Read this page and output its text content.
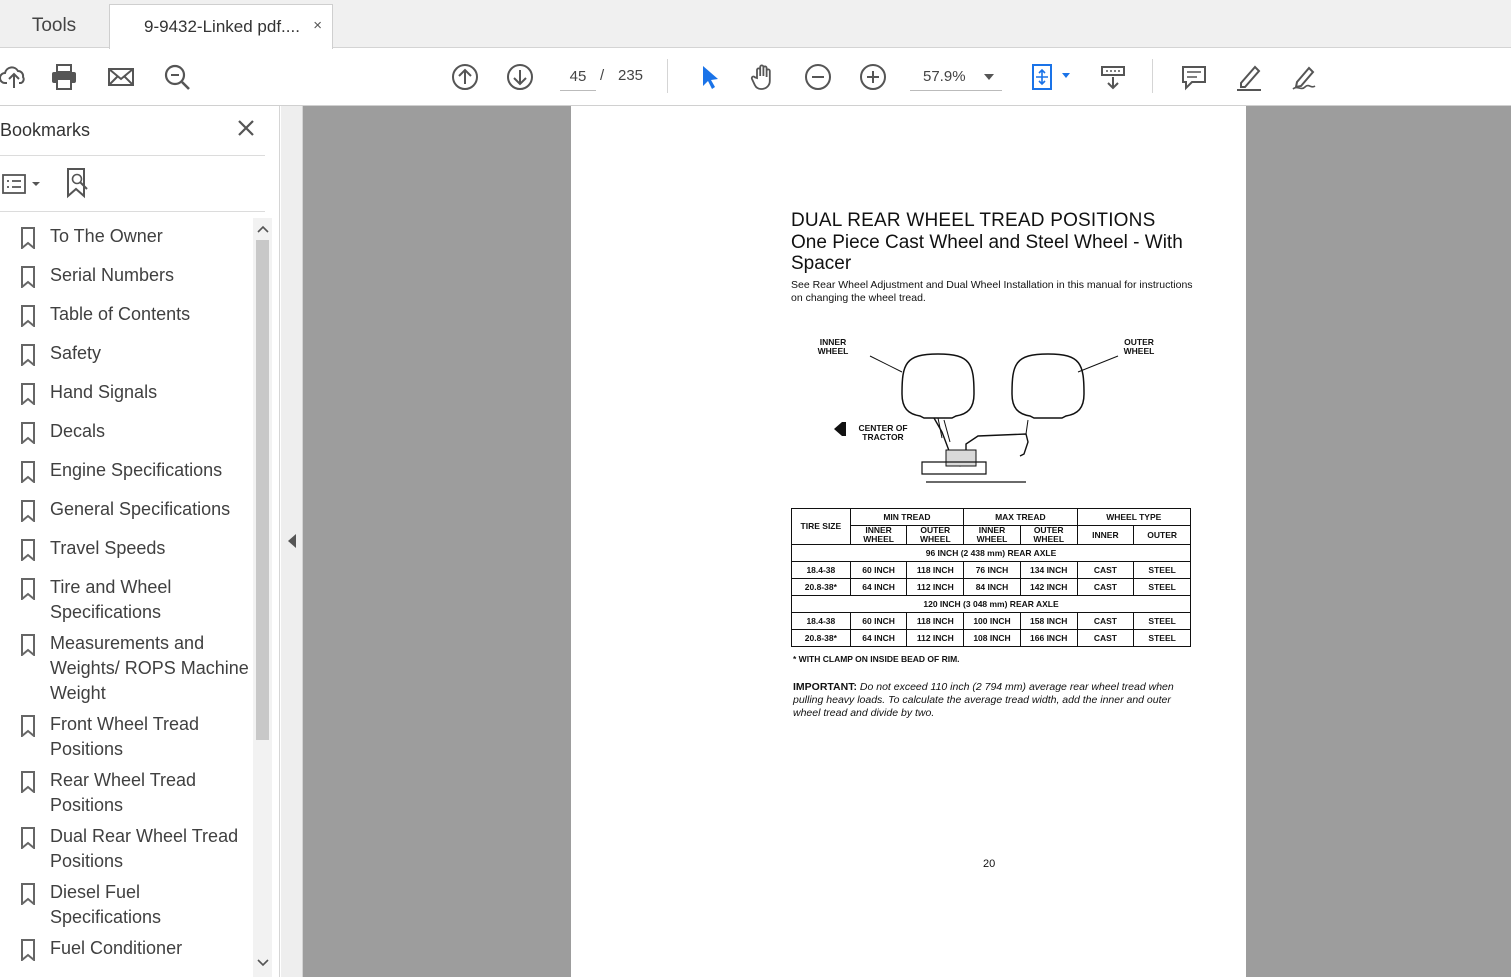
Tools	9-9432-Linked pdf.... ×
45 / 235	57.9%
Bookmarks
To The Owner
Serial Numbers
Table of Contents
Safety
Hand Signals
Decals
Engine Specifications
General Specifications
Travel Speeds
Tire and Wheel Specifications
Measurements and Weights/ ROPS Machine Weight
Front Wheel Tread Positions
Rear Wheel Tread Positions
Dual Rear Wheel Tread Positions
Diesel Fuel Specifications
Fuel Conditioner
DUAL REAR WHEEL TREAD POSITIONS
One Piece Cast Wheel and Steel Wheel - With Spacer
See Rear Wheel Adjustment and Dual Wheel Installation in this manual for instructions on changing the wheel tread.
INNER WHEEL
OUTER WHEEL
CENTER OF TRACTOR
TIRE SIZE	MIN TREAD		MAX TREAD		WHEEL TYPE	
	INNER WHEEL	OUTER WHEEL	INNER WHEEL	OUTER WHEEL	INNER	OUTER
96 INCH (2 438 mm) REAR AXLE						
18.4-38	60 INCH	118 INCH	76 INCH	134 INCH	CAST	STEEL
20.8-38*	64 INCH	112 INCH	84 INCH	142 INCH	CAST	STEEL
120 INCH (3 048 mm) REAR AXLE						
18.4-38	60 INCH	118 INCH	100 INCH	158 INCH	CAST	STEEL
20.8-38*	64 INCH	112 INCH	108 INCH	166 INCH	CAST	STEEL
* WITH CLAMP ON INSIDE BEAD OF RIM.
IMPORTANT: Do not exceed 110 inch (2 794 mm) average rear wheel tread when pulling heavy loads. To calculate the average tread width, add the inner and outer wheel tread and divide by two.
20
